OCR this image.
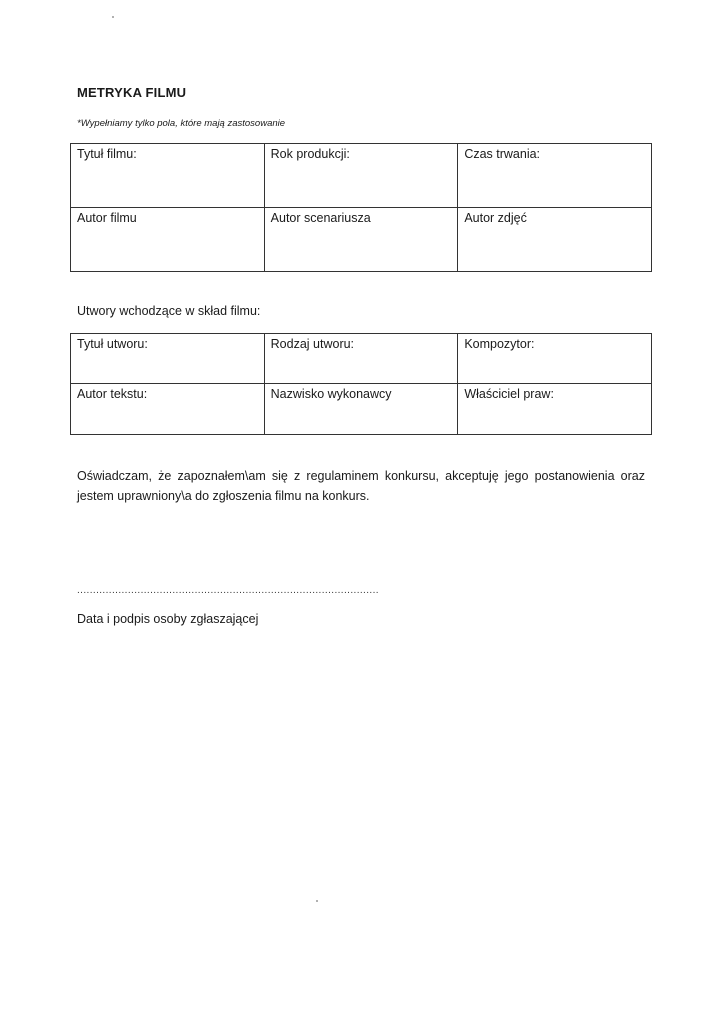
METRYKA FILMU
*Wypełniamy tylko pola, które mają zastosowanie
Tytuł filmu:	Rok produkcji:	Czas trwania:
Autor filmu	Autor scenariusza	Autor zdjęć
Utwory wchodzące w skład filmu:
Tytuł utworu:	Rodzaj utworu:	Kompozytor:
Autor tekstu:	Nazwisko wykonawcy	Właściciel praw:
Oświadczam, że zapoznałem\am się z regulaminem konkursu, akceptuję jego postanowienia oraz jestem uprawniony\a do zgłoszenia filmu na konkurs.
...............................................................................................
Data i podpis osoby zgłaszającej
